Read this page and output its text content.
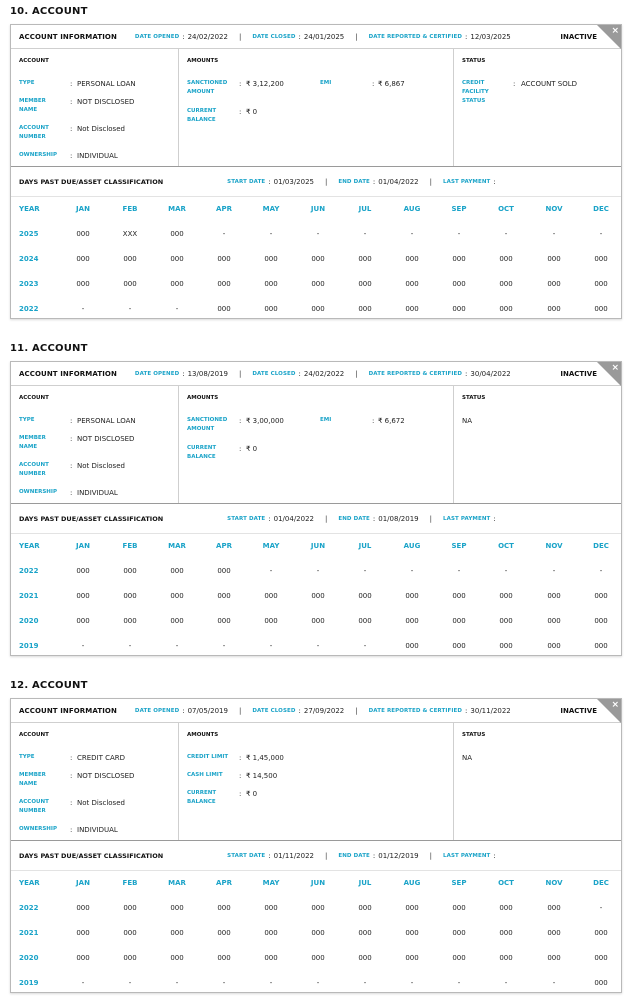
10. ACCOUNT
ACCOUNT INFORMATION	DATE OPENED : 24/02/2022 | DATE CLOSED : 24/01/2025 | DATE REPORTED & CERTIFIED : 12/03/2025	INACTIVE
×
ACCOUNT
TYPE	: PERSONAL LOAN
MEMBER NAME
: NOT DISCLOSED
ACCOUNT NUMBER
: Not Disclosed
OWNERSHIP	: INDIVIDUAL
AMOUNTS
SANCTIONED AMOUNT
: ₹ 3,12,200
CURRENT BALANCE
: ₹ 0
EMI	: ₹ 6,867
STATUS
CREDIT FACILITY STATUS
: ACCOUNT SOLD
DAYS PAST DUE/ASSET CLASSIFICATION	START DATE : 01/03/2025 | END DATE : 01/04/2022 | LAST PAYMENT :
YEAR	JAN	FEB	MAR	APR	MAY	JUN	JUL	AUG	SEP	OCT	NOV	DEC
2025	000	XXX	000	-	-	-	-	-	-	-	-	-
2024	000	000	000	000	000	000	000	000	000	000	000	000
2023	000	000	000	000	000	000	000	000	000	000	000	000
2022	-	-	-	000	000	000	000	000	000	000	000	000
11. ACCOUNT
ACCOUNT INFORMATION	DATE OPENED : 13/08/2019 | DATE CLOSED : 24/02/2022 | DATE REPORTED & CERTIFIED : 30/04/2022	INACTIVE
×
ACCOUNT
TYPE	: PERSONAL LOAN
MEMBER NAME
: NOT DISCLOSED
ACCOUNT NUMBER
: Not Disclosed
OWNERSHIP	: INDIVIDUAL
AMOUNTS
SANCTIONED AMOUNT
: ₹ 3,00,000
CURRENT BALANCE
: ₹ 0
EMI	: ₹ 6,672
STATUS
NA
DAYS PAST DUE/ASSET CLASSIFICATION	START DATE : 01/04/2022 | END DATE : 01/08/2019 | LAST PAYMENT :
YEAR	JAN	FEB	MAR	APR	MAY	JUN	JUL	AUG	SEP	OCT	NOV	DEC
2022	000	000	000	000	-	-	-	-	-	-	-	-
2021	000	000	000	000	000	000	000	000	000	000	000	000
2020	000	000	000	000	000	000	000	000	000	000	000	000
2019	-	-	-	-	-	-	-	000	000	000	000	000
12. ACCOUNT
ACCOUNT INFORMATION	DATE OPENED : 07/05/2019 | DATE CLOSED : 27/09/2022 | DATE REPORTED & CERTIFIED : 30/11/2022	INACTIVE
×
ACCOUNT
TYPE	: CREDIT CARD
MEMBER NAME
: NOT DISCLOSED
ACCOUNT NUMBER
: Not Disclosed
OWNERSHIP	: INDIVIDUAL
AMOUNTS
CREDIT LIMIT	: ₹ 1,45,000
CASH LIMIT	: ₹ 14,500
CURRENT BALANCE
: ₹ 0
STATUS
NA
DAYS PAST DUE/ASSET CLASSIFICATION	START DATE : 01/11/2022 | END DATE : 01/12/2019 | LAST PAYMENT :
YEAR	JAN	FEB	MAR	APR	MAY	JUN	JUL	AUG	SEP	OCT	NOV	DEC
2022	000	000	000	000	000	000	000	000	000	000	000	-
2021	000	000	000	000	000	000	000	000	000	000	000	000
2020	000	000	000	000	000	000	000	000	000	000	000	000
2019	-	-	-	-	-	-	-	-	-	-	-	000
